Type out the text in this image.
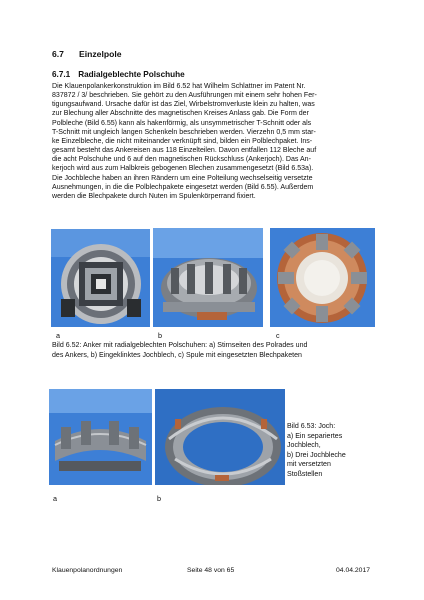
6.7 Einzelpole
6.7.1 Radialgeblechte Polschuhe
Die Klauenpolankerkonstruktion im Bild 6.52 hat Wilhelm Schlattner im Patent Nr.
837872 / 3/ beschrieben. Sie gehört zu den Ausführungen mit einem sehr hohen Fer-
tigungsaufwand. Ursache dafür ist das Ziel, Wirbelstromverluste klein zu halten, was
zur Blechung aller Abschnitte des magnetischen Kreises Anlass gab. Die Form der
Polbleche (Bild 6.55) kann als hakenförmig, als unsymmetrischer T-Schnitt oder als
T-Schnitt mit ungleich langen Schenkeln beschrieben werden. Vierzehn 0,5 mm star-
ke Einzelbleche, die nicht miteinander verknüpft sind, bilden ein Polblechpaket. Ins-
gesamt besteht das Ankereisen aus 118 Einzelteilen. Davon entfallen 112 Bleche auf
die acht Polschuhe und 6 auf den magnetischen Rückschluss (Ankerjoch). Das An-
kerjoch wird aus zum Halbkreis gebogenen Blechen zusammengesetzt (Bild 6.53a).
Die Jochbleche haben an ihren Rändern um eine Polteilung wechselseitig versetzte
Ausnehmungen, in die die Polblechpakete eingesetzt werden (Bild 6.55). Außerdem
werden die Blechpakete durch Nuten im Spulenkörperrand fixiert.
a	b	c
Bild 6.52: Anker mit radialgeblechten Polschuhen: a) Stirnseiten des Polrades und
des Ankers, b) Eingeklinktes Jochblech, c) Spule mit eingesetzten Blechpaketen
a	b
Bild 6.53: Joch:
a) Ein separiertes
Jochblech,
b) Drei Jochbleche
mit versetzten
Stoßstellen
Klauenpolanordnungen	Seite 48 von 65	04.04.2017
